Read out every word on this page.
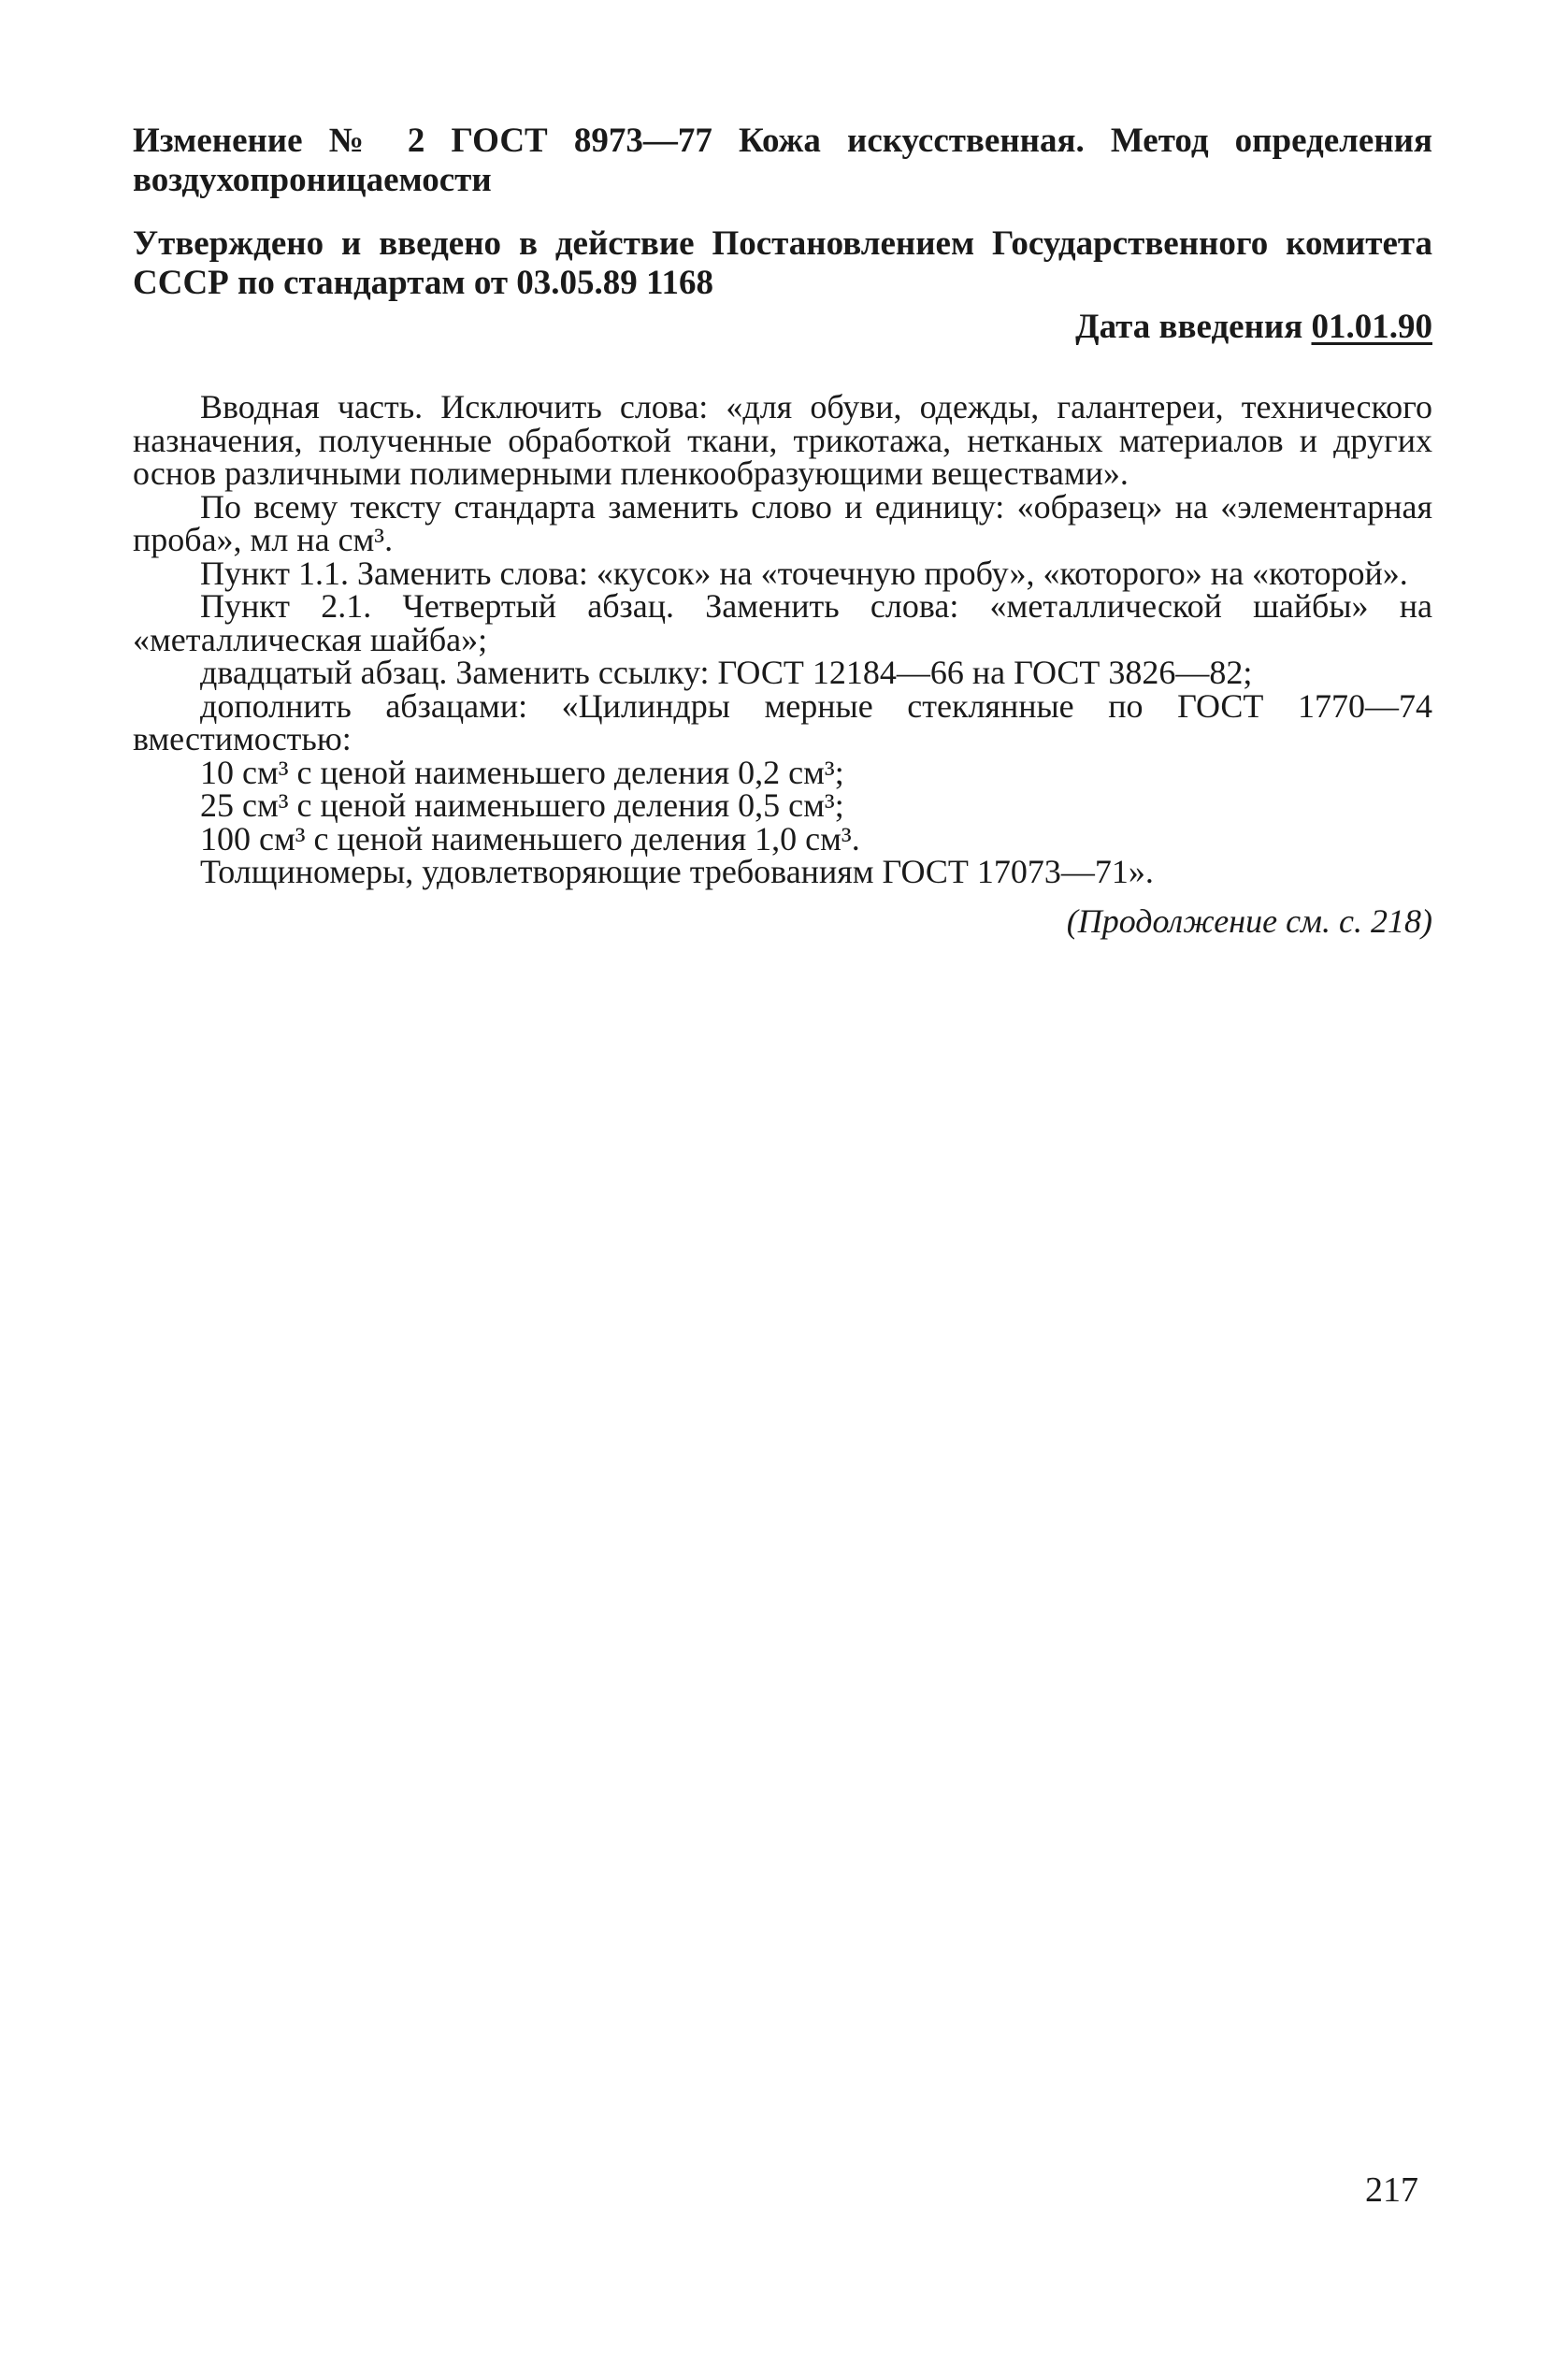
Изменение № 2 ГОСТ 8973—77 Кожа искусственная. Метод определения воздухопроницаемости

Утверждено и введено в действие Постановлением Государственного комитета СССР по стандартам от 03.05.89 1168

Дата введения 01.01.90

Вводная часть. Исключить слова: «для обуви, одежды, галантереи, технического назначения, полученные обработкой ткани, трикотажа, нетканых материалов и других основ различными полимерными пленкообразующими веществами».

По всему тексту стандарта заменить слово и единицу: «образец» на «элементарная проба», мл на см³.

Пункт 1.1. Заменить слова: «кусок» на «точечную пробу», «которого» на «которой».

Пункт 2.1. Четвертый абзац. Заменить слова: «металлической шайбы» на «металлическая шайба»;

двадцатый абзац. Заменить ссылку: ГОСТ 12184—66 на ГОСТ 3826—82;

дополнить абзацами: «Цилиндры мерные стеклянные по ГОСТ 1770—74 вместимостью:

10 см³ с ценой наименьшего деления 0,2 см³;

25 см³ с ценой наименьшего деления 0,5 см³;

100 см³ с ценой наименьшего деления 1,0 см³.

Толщиномеры, удовлетворяющие требованиям ГОСТ 17073—71».

(Продолжение см. с. 218)
217
